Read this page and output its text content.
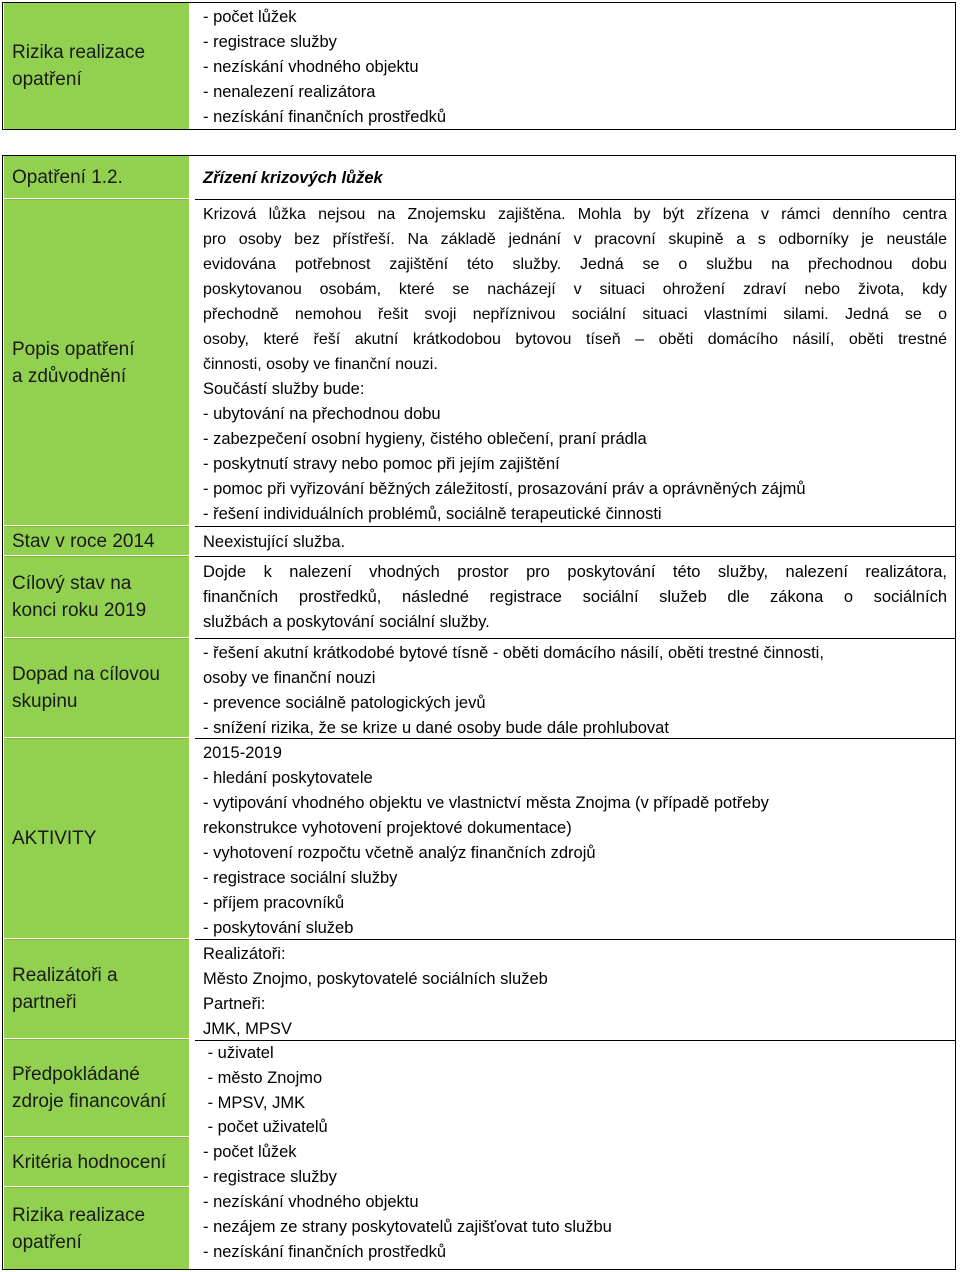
Rizika realizace
opatření
- počet lůžek
- registrace služby
- nezískání vhodného objektu
- nenalezení realizátora
- nezískání finančních prostředků
Opatření 1.2.
Popis opatření
a zdůvodnění
Stav v roce 2014
Cílový stav na
konci roku 2019
Dopad na cílovou
skupinu
AKTIVITY
Realizátoři a
partneři
Předpokládané
zdroje financování
Kritéria hodnocení
Rizika realizace
opatření
Zřízení krizových lůžek
Krizová lůžka nejsou na Znojemsku zajištěna. Mohla by být zřízena v rámci denního centra
pro osoby bez přístřeší. Na základě jednání v pracovní skupině a s odborníky je neustále
evidována potřebnost zajištění této služby. Jedná se o službu na přechodnou dobu
poskytovanou osobám, které se nacházejí v situaci ohrožení zdraví nebo života, kdy
přechodně nemohou řešit svoji nepříznivou sociální situaci vlastními silami. Jedná se o
osoby, které řeší akutní krátkodobou bytovou tíseň – oběti domácího násilí, oběti trestné
činnosti, osoby ve finanční nouzi.
Součástí služby bude:
- ubytování na přechodnou dobu
- zabezpečení osobní hygieny, čistého oblečení, praní prádla
- poskytnutí stravy nebo pomoc při jejím zajištění
- pomoc při vyřizování běžných záležitostí, prosazování práv a oprávněných zájmů
- řešení individuálních problémů, sociálně terapeutické činnosti
Neexistující služba.
Dojde k nalezení vhodných prostor pro poskytování této služby, nalezení realizátora,
finančních prostředků, následné registrace sociální služeb dle zákona o sociálních
službách a poskytování sociální služby.
- řešení akutní krátkodobé bytové tísně - oběti domácího násilí, oběti trestné činnosti,
osoby ve finanční nouzi
- prevence sociálně patologických jevů
- snížení rizika, že se krize u dané osoby bude dále prohlubovat
2015-2019
- hledání poskytovatele
- vytipování vhodného objektu ve vlastnictví města Znojma (v případě potřeby
rekonstrukce vyhotovení projektové dokumentace)
- vyhotovení rozpočtu včetně analýz finančních zdrojů
- registrace sociální služby
- příjem pracovníků
- poskytování služeb
Realizátoři:
Město Znojmo, poskytovatelé sociálních služeb
Partneři:
JMK, MPSV
- uživatel
- město Znojmo
- MPSV, JMK
- počet uživatelů
- počet lůžek
- registrace služby
- nezískání vhodného objektu
- nezájem ze strany poskytovatelů zajišťovat tuto službu
- nezískání finančních prostředků
